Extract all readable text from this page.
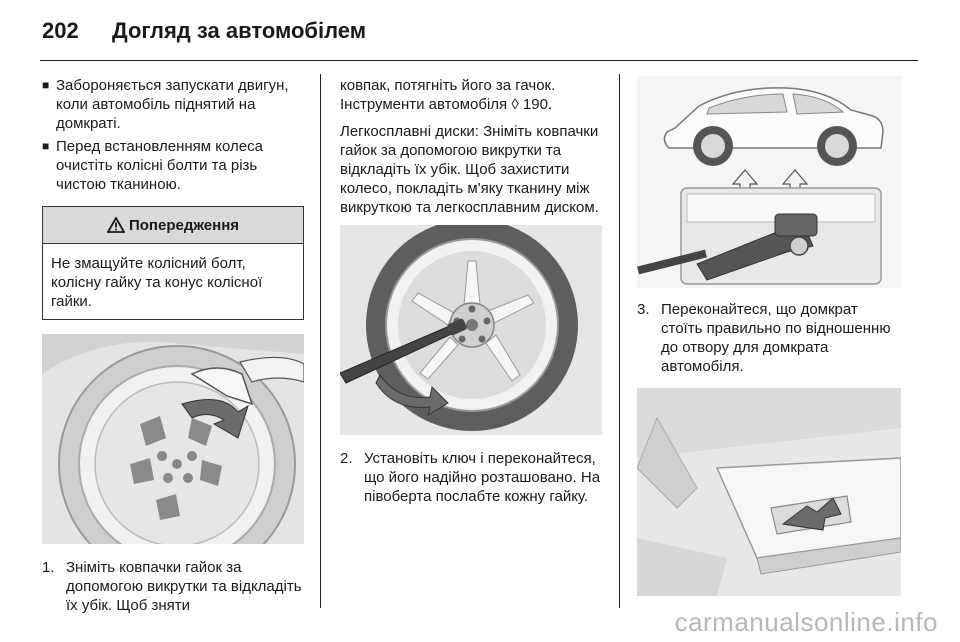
202	Догляд за автомобілем
■ Забороняється запускати двигун, коли автомобіль піднятий на домкраті.
■ Перед встановленням колеса очистіть колісні болти та різь чистою тканиною.
Попередження
Не змащуйте колісний болт, колісну гайку та конус колісної гайки.
1. Зніміть ковпачки гайок за допомогою викрутки та відкладіть їх убік. Щоб зняти

ковпак, потягніть його за гачок. Інструменти автомобіля ◊ 190.

Легкосплавні диски: Зніміть ковпачки гайок за допомогою викрутки та відкладіть їх убік. Щоб захистити колесо, покладіть м'яку тканину між викруткою та легкосплавним диском.

2. Установіть ключ і переконайтеся, що його надійно розташовано. На півоберта послабте кожну гайку.
3. Переконайтеся, що домкрат стоїть правильно по відношенню до отвору для домкрата автомобіля.
carmanualsonline.info
